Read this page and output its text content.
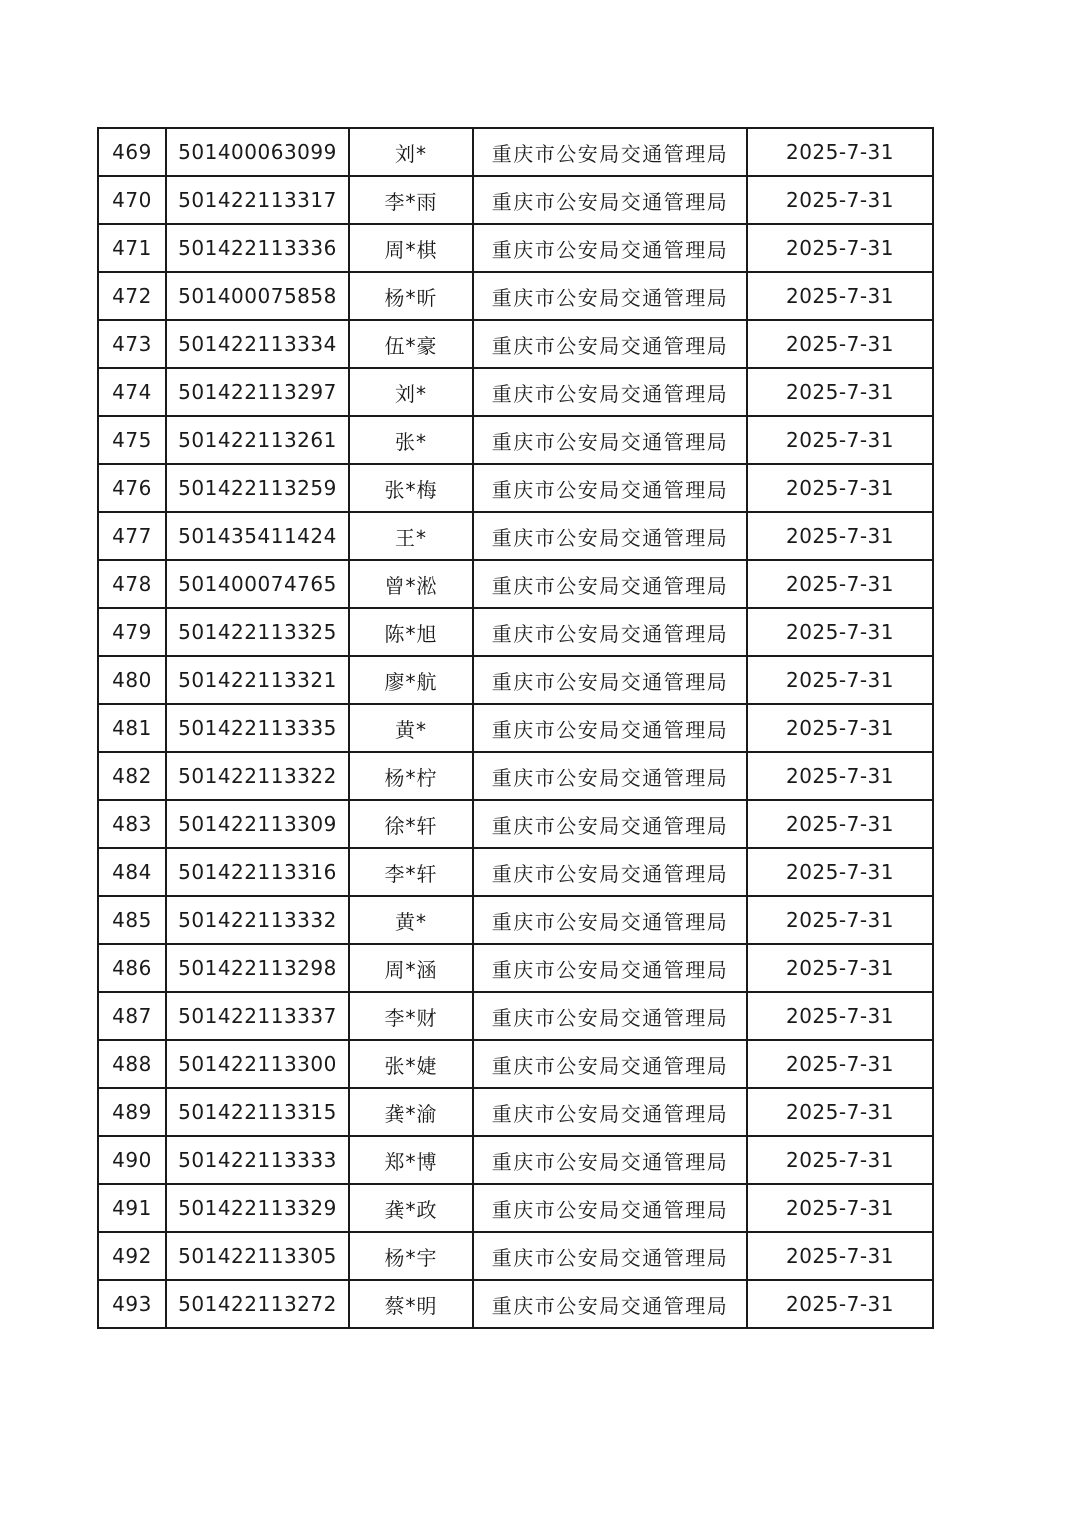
469	501400063099	刘*	重庆市公安局交通管理局	2025-7-31
470	501422113317	李*雨	重庆市公安局交通管理局	2025-7-31
471	501422113336	周*棋	重庆市公安局交通管理局	2025-7-31
472	501400075858	杨*昕	重庆市公安局交通管理局	2025-7-31
473	501422113334	伍*豪	重庆市公安局交通管理局	2025-7-31
474	501422113297	刘*	重庆市公安局交通管理局	2025-7-31
475	501422113261	张*	重庆市公安局交通管理局	2025-7-31
476	501422113259	张*梅	重庆市公安局交通管理局	2025-7-31
477	501435411424	王*	重庆市公安局交通管理局	2025-7-31
478	501400074765	曾*淞	重庆市公安局交通管理局	2025-7-31
479	501422113325	陈*旭	重庆市公安局交通管理局	2025-7-31
480	501422113321	廖*航	重庆市公安局交通管理局	2025-7-31
481	501422113335	黄*	重庆市公安局交通管理局	2025-7-31
482	501422113322	杨*柠	重庆市公安局交通管理局	2025-7-31
483	501422113309	徐*轩	重庆市公安局交通管理局	2025-7-31
484	501422113316	李*轩	重庆市公安局交通管理局	2025-7-31
485	501422113332	黄*	重庆市公安局交通管理局	2025-7-31
486	501422113298	周*涵	重庆市公安局交通管理局	2025-7-31
487	501422113337	李*财	重庆市公安局交通管理局	2025-7-31
488	501422113300	张*婕	重庆市公安局交通管理局	2025-7-31
489	501422113315	龚*渝	重庆市公安局交通管理局	2025-7-31
490	501422113333	郑*博	重庆市公安局交通管理局	2025-7-31
491	501422113329	龚*政	重庆市公安局交通管理局	2025-7-31
492	501422113305	杨*宇	重庆市公安局交通管理局	2025-7-31
493	501422113272	蔡*明	重庆市公安局交通管理局	2025-7-31
